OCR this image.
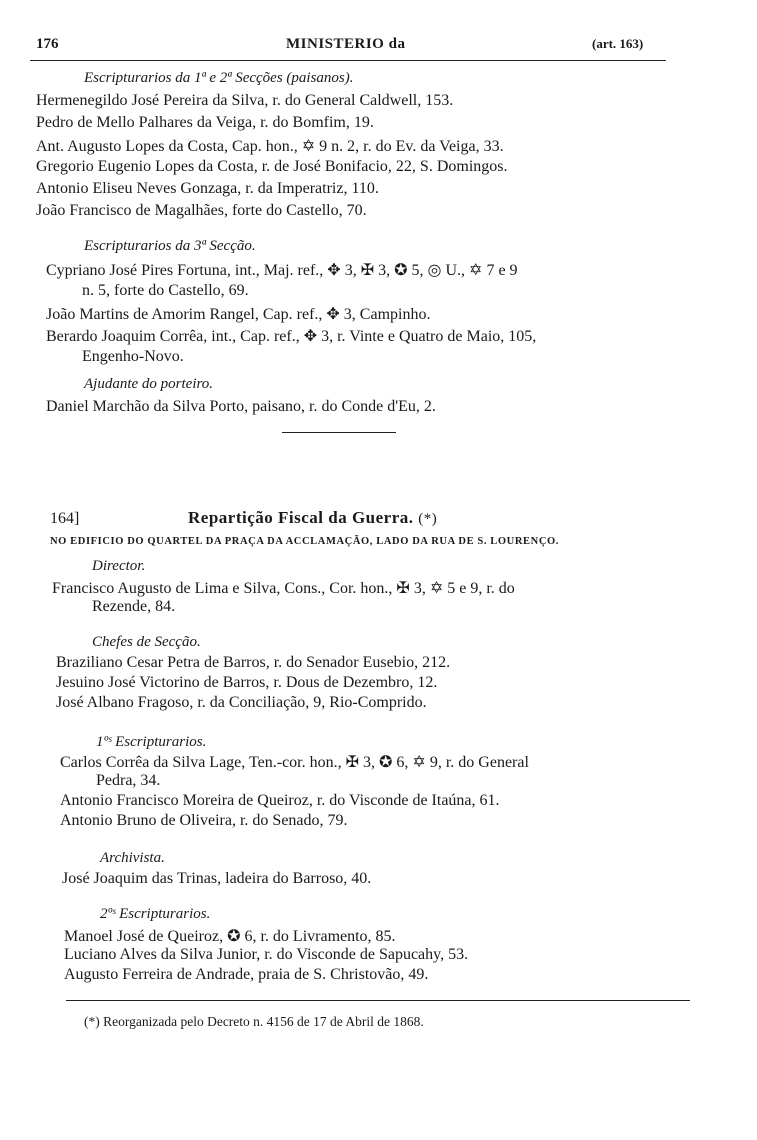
176	MINISTERIO da	(art. 163)
Escripturarios da 1ª e 2ª Secções (paisanos).
Hermenegildo José Pereira da Silva, r. do General Caldwell, 153.
Pedro de Mello Palhares da Veiga, r. do Bomfim, 19.
Ant. Augusto Lopes da Costa, Cap. hon., ✡ 9 n. 2, r. do Ev. da Veiga, 33.
Gregorio Eugenio Lopes da Costa, r. de José Bonifacio, 22, S. Domingos.
Antonio Eliseu Neves Gonzaga, r. da Imperatriz, 110.
João Francisco de Magalhães, forte do Castello, 70.
Escripturarios da 3ª Secção.
Cypriano José Pires Fortuna, int., Maj. ref., ✥ 3, ✠ 3, ✪ 5, ◎ U., ✡ 7 e 9
n. 5, forte do Castello, 69.
João Martins de Amorim Rangel, Cap. ref., ✥ 3, Campinho.
Berardo Joaquim Corrêa, int., Cap. ref., ✥ 3, r. Vinte e Quatro de Maio, 105,
Engenho-Novo.
Ajudante do porteiro.
Daniel Marchão da Silva Porto, paisano, r. do Conde d'Eu, 2.
164]	Repartição Fiscal da Guerra. (*)
NO EDIFICIO DO QUARTEL DA PRAÇA DA ACCLAMAÇÃO, LADO DA RUA DE S. LOURENÇO.
Director.
Francisco Augusto de Lima e Silva, Cons., Cor. hon., ✠ 3, ✡ 5 e 9, r. do
Rezende, 84.
Chefes de Secção.
Braziliano Cesar Petra de Barros, r. do Senador Eusebio, 212.
Jesuino José Victorino de Barros, r. Dous de Dezembro, 12.
José Albano Fragoso, r. da Conciliação, 9, Rio-Comprido.
1ºˢ Escripturarios.
Carlos Corrêa da Silva Lage, Ten.-cor. hon., ✠ 3, ✪ 6, ✡ 9, r. do General
Pedra, 34.
Antonio Francisco Moreira de Queiroz, r. do Visconde de Itaúna, 61.
Antonio Bruno de Oliveira, r. do Senado, 79.
Archivista.
José Joaquim das Trinas, ladeira do Barroso, 40.
2ºˢ Escripturarios.
Manoel José de Queiroz, ✪ 6, r. do Livramento, 85.
Luciano Alves da Silva Junior, r. do Visconde de Sapucahy, 53.
Augusto Ferreira de Andrade, praia de S. Christovão, 49.
(*) Reorganizada pelo Decreto n. 4156 de 17 de Abril de 1868.
